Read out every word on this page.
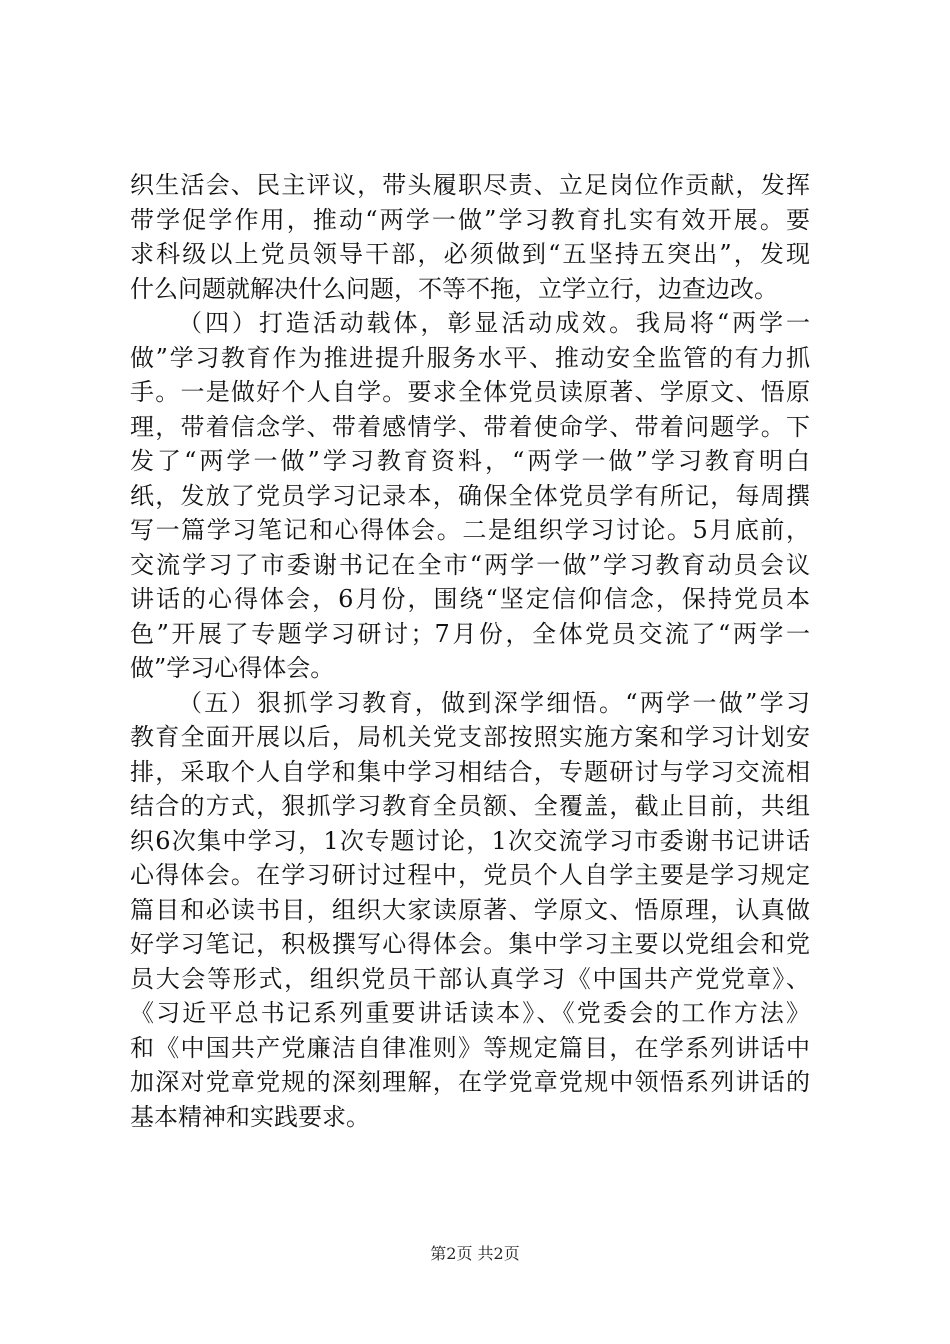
织生活会、民主评议，带头履职尽责、立足岗位作贡献，发挥
带学促学作用，推动“两学一做”学习教育扎实有效开展。要
求科级以上党员领导干部，必须做到“五坚持五突出”，发现
什么问题就解决什么问题，不等不拖，立学立行，边查边改。
（四）打造活动载体，彰显活动成效。我局将“两学一
做”学习教育作为推进提升服务水平、推动安全监管的有力抓
手。一是做好个人自学。要求全体党员读原著、学原文、悟原
理，带着信念学、带着感情学、带着使命学、带着问题学。下
发了“两学一做”学习教育资料，“两学一做”学习教育明白
纸，发放了党员学习记录本，确保全体党员学有所记，每周撰
写一篇学习笔记和心得体会。二是组织学习讨论。5月底前，
交流学习了市委谢书记在全市“两学一做”学习教育动员会议
讲话的心得体会，6月份，围绕“坚定信仰信念，保持党员本
色”开展了专题学习研讨；7月份，全体党员交流了“两学一
做”学习心得体会。
（五）狠抓学习教育，做到深学细悟。“两学一做”学习
教育全面开展以后，局机关党支部按照实施方案和学习计划安
排，采取个人自学和集中学习相结合，专题研讨与学习交流相
结合的方式，狠抓学习教育全员额、全覆盖，截止目前，共组
织6次集中学习，1次专题讨论，1次交流学习市委谢书记讲话
心得体会。在学习研讨过程中，党员个人自学主要是学习规定
篇目和必读书目，组织大家读原著、学原文、悟原理，认真做
好学习笔记，积极撰写心得体会。集中学习主要以党组会和党
员大会等形式，组织党员干部认真学习《中国共产党党章》、
《习近平总书记系列重要讲话读本》、《党委会的工作方法》
和《中国共产党廉洁自律准则》等规定篇目，在学系列讲话中
加深对党章党规的深刻理解，在学党章党规中领悟系列讲话的
基本精神和实践要求。
第2页 共2页
